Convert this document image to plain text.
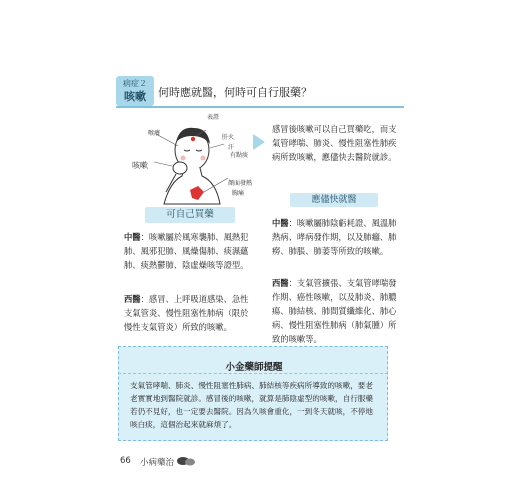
病症２
咳嗽	何時應就醫，何時可自行服藥？
表證
肝火
汗
喉癢
有點痰
顏面發熱
胸痛
咳嗽
感冒後咳嗽可以自己買藥吃，而支氣管哮喘、肺炎、慢性阻塞性肺疾病所致咳嗽，應儘快去醫院就診。
可自己買藥
中醫：咳嗽屬於風寒襲肺、風熱犯肺、風邪犯肺、風燥傷肺、痰濕蘊肺、痰熱鬱肺、陰虛燥咳等證型。
西醫：感冒、上呼吸道感染、急性支氣管炎、慢性阻塞性肺病（限於慢性支氣管炎）所致的咳嗽。
應儘快就醫
中醫：咳嗽屬肺陰虧耗證、風溫肺熱病、哮病發作期，以及肺癰、肺癆、肺脹、肺萎等所致的咳嗽。
西醫：支氣管擴張、支氣管哮喘發作期、癌性咳嗽，以及肺炎、肺膿瘍、肺結核、肺間質纖維化、肺心病、慢性阻塞性肺病（肺氣腫）所致的咳嗽等。
小金藥師提醒
支氣管哮喘、肺炎、慢性阻塞性肺病、肺結核等疾病所導致的咳嗽，要老老實實地到醫院就診。感冒後的咳嗽，就算是肺陰虛型的咳嗽，自行服藥若仍不見好，也一定要去醫院。因為久咳會重化，一到冬天就咳，不停地咳白痰，這個治起來就麻煩了。
66 小病藥治
